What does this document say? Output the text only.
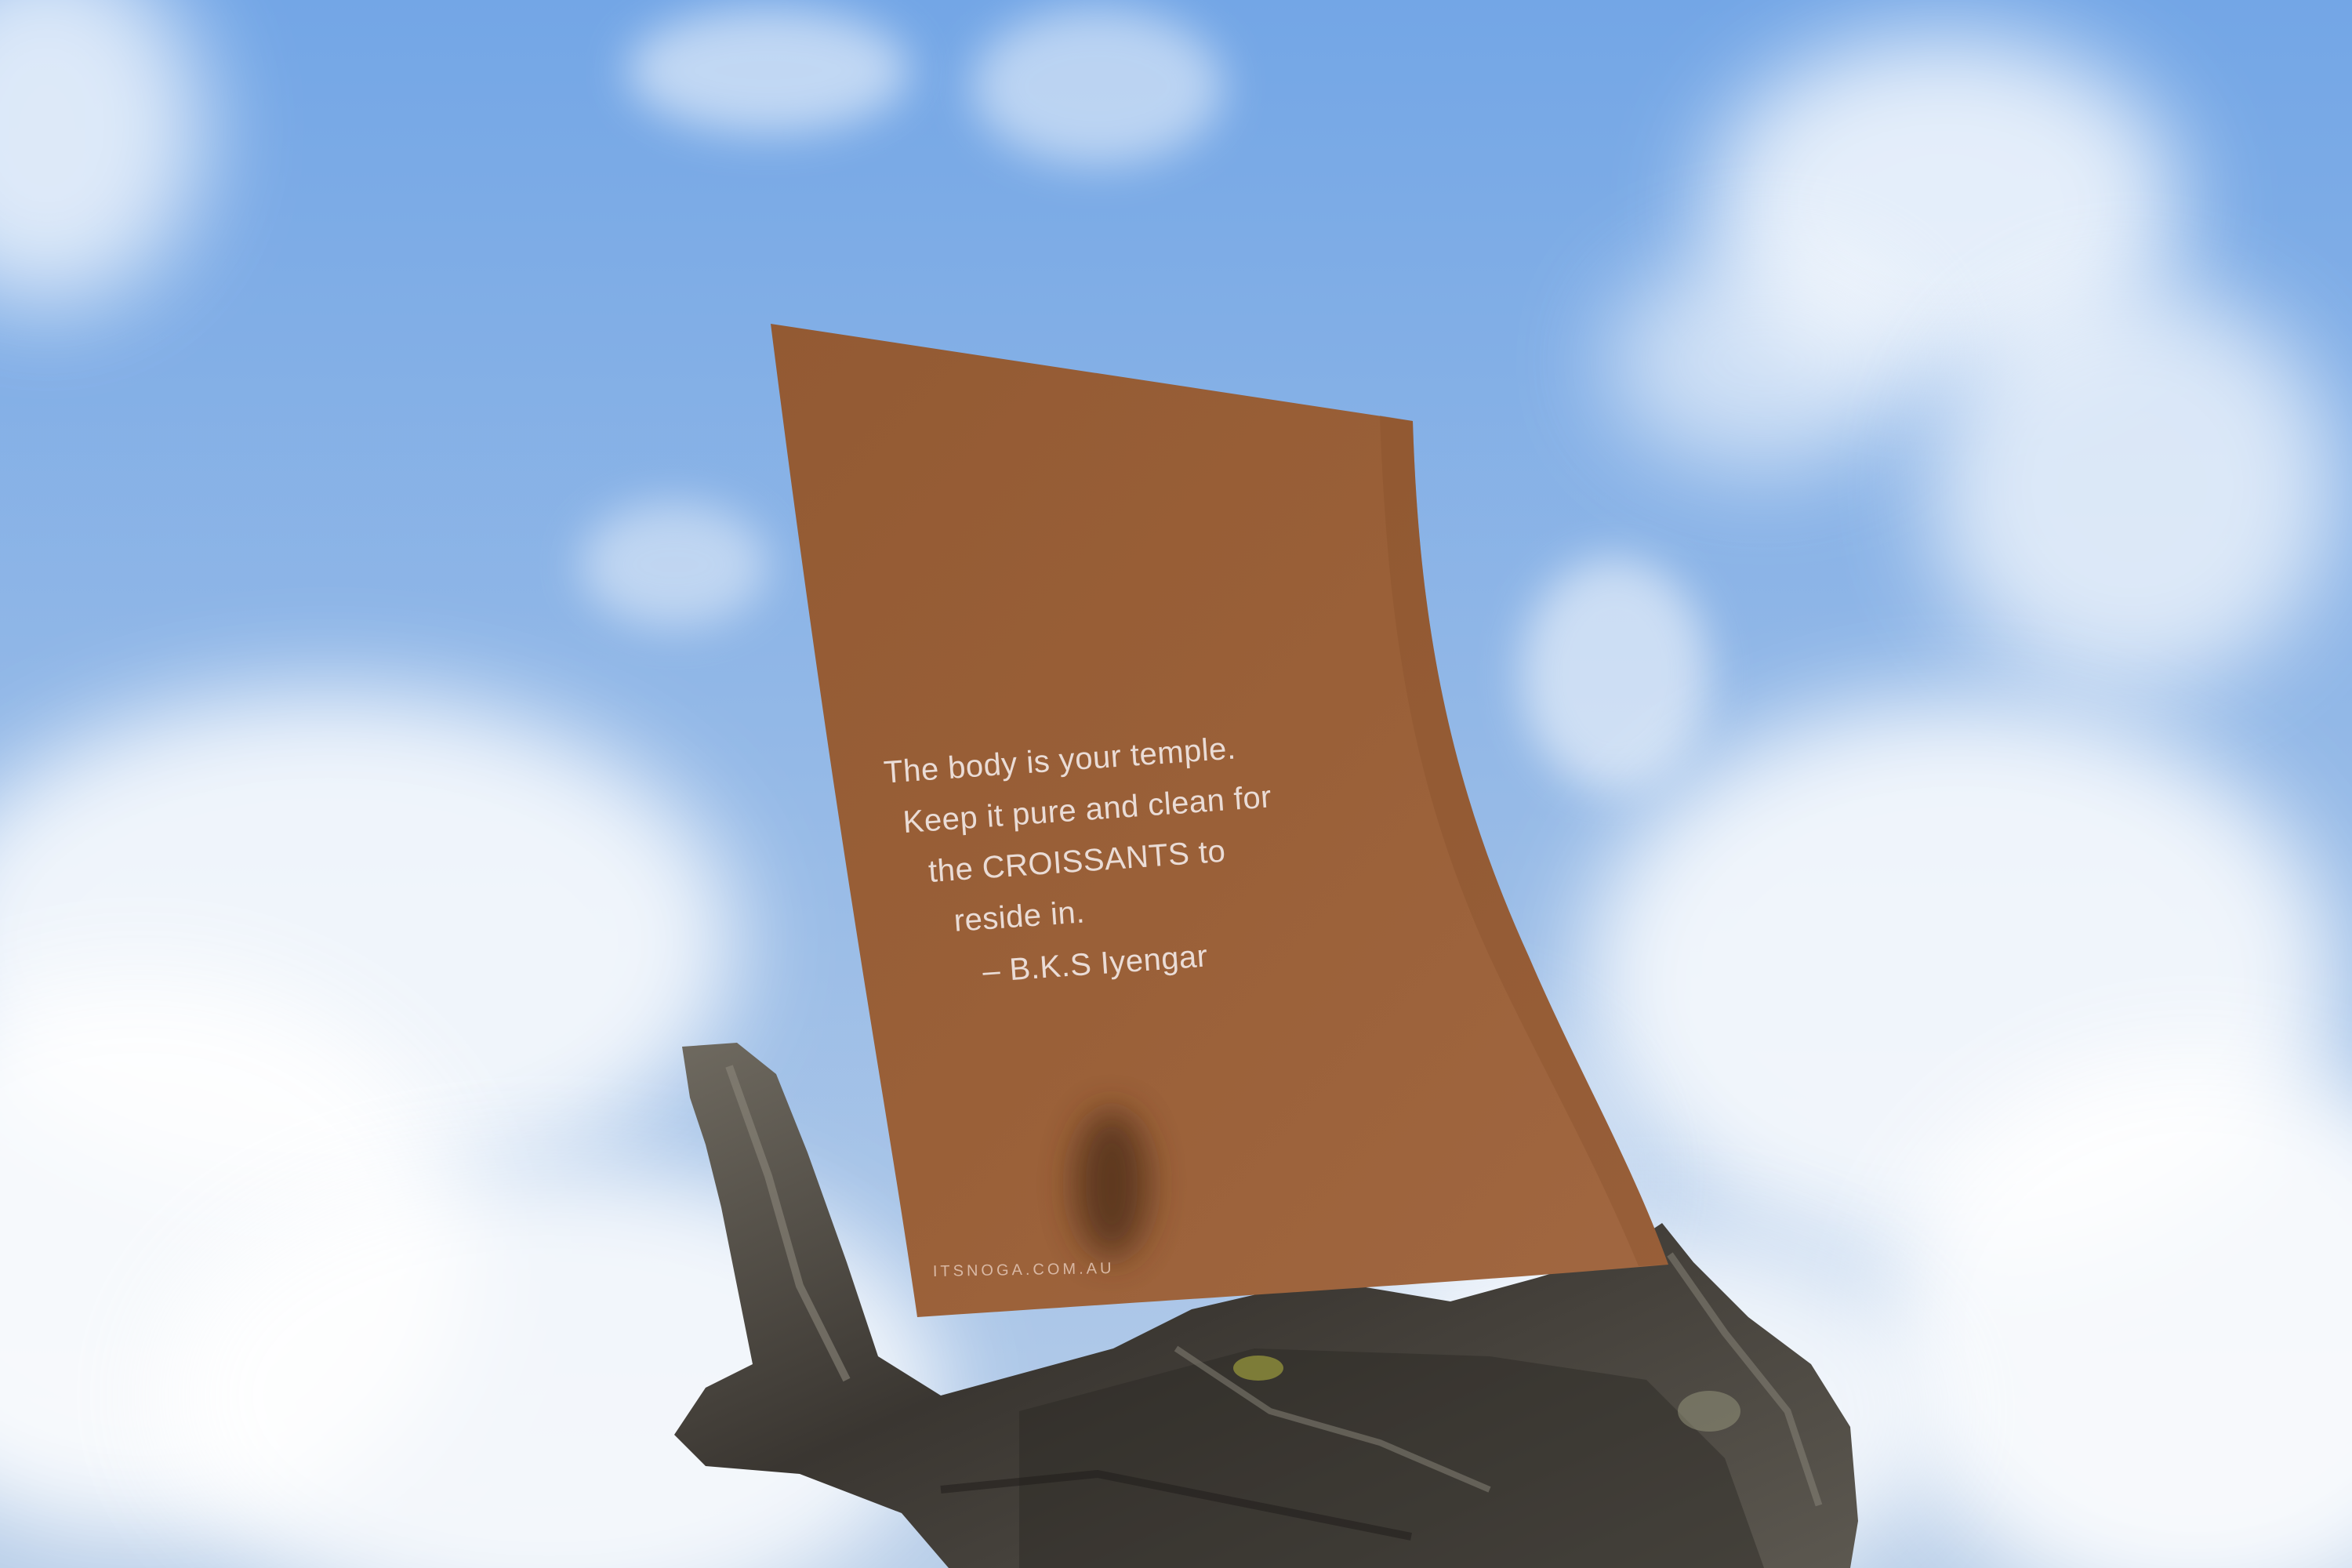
The body is your temple.
Keep it pure and clean for
the CROISSANTS to
reside in.
– B.K.S Iyengar
ITSNOGA.COM.AU
